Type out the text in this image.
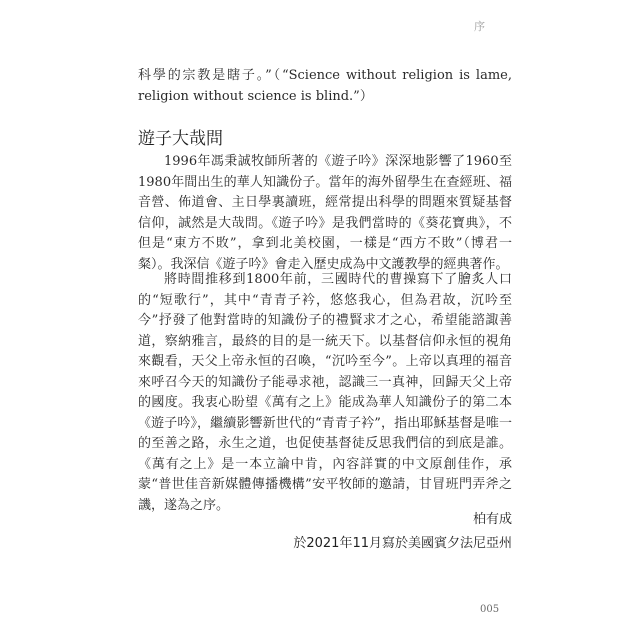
序

科學的宗教是瞎子。”（“Science without religion is lame, religion without science is blind.”）

遊子大哉問

1996年馮秉誠牧師所著的《遊子吟》深深地影響了1960至1980年間出生的華人知識份子。當年的海外留學生在查經班、福音營、佈道會、主日學裏讀班，經常提出科學的問題來質疑基督信仰，誠然是大哉問。《遊子吟》是我們當時的《葵花寶典》，不但是“東方不敗”，拿到北美校園，一樣是“西方不敗”（博君一粲）。我深信《遊子吟》會走入歷史成為中文護教學的經典著作。

將時間推移到1800年前，三國時代的曹操寫下了膾炙人口的“短歌行”，其中“青青子衿，悠悠我心，但為君故，沉吟至今”抒發了他對當時的知識份子的禮賢求才之心，希望能諮諏善道，察納雅言，最終的目的是一統天下。以基督信仰永恒的視角來觀看，天父上帝永恒的召喚，“沉吟至今”。上帝以真理的福音來呼召今天的知識份子能尋求祂，認識三一真神，回歸天父上帝的國度。我衷心盼望《萬有之上》能成為華人知識份子的第二本《遊子吟》，繼續影響新世代的“青青子衿”，指出耶穌基督是唯一的至善之路，永生之道，也促使基督徒反思我們信的到底是誰。《萬有之上》是一本立論中肯，內容詳實的中文原創佳作，承蒙“普世佳音新媒體傳播機構”安平牧師的邀請，甘冒班門弄斧之譏，遂為之序。

柏有成
於2021年11月寫於美國賓夕法尼亞州
005
